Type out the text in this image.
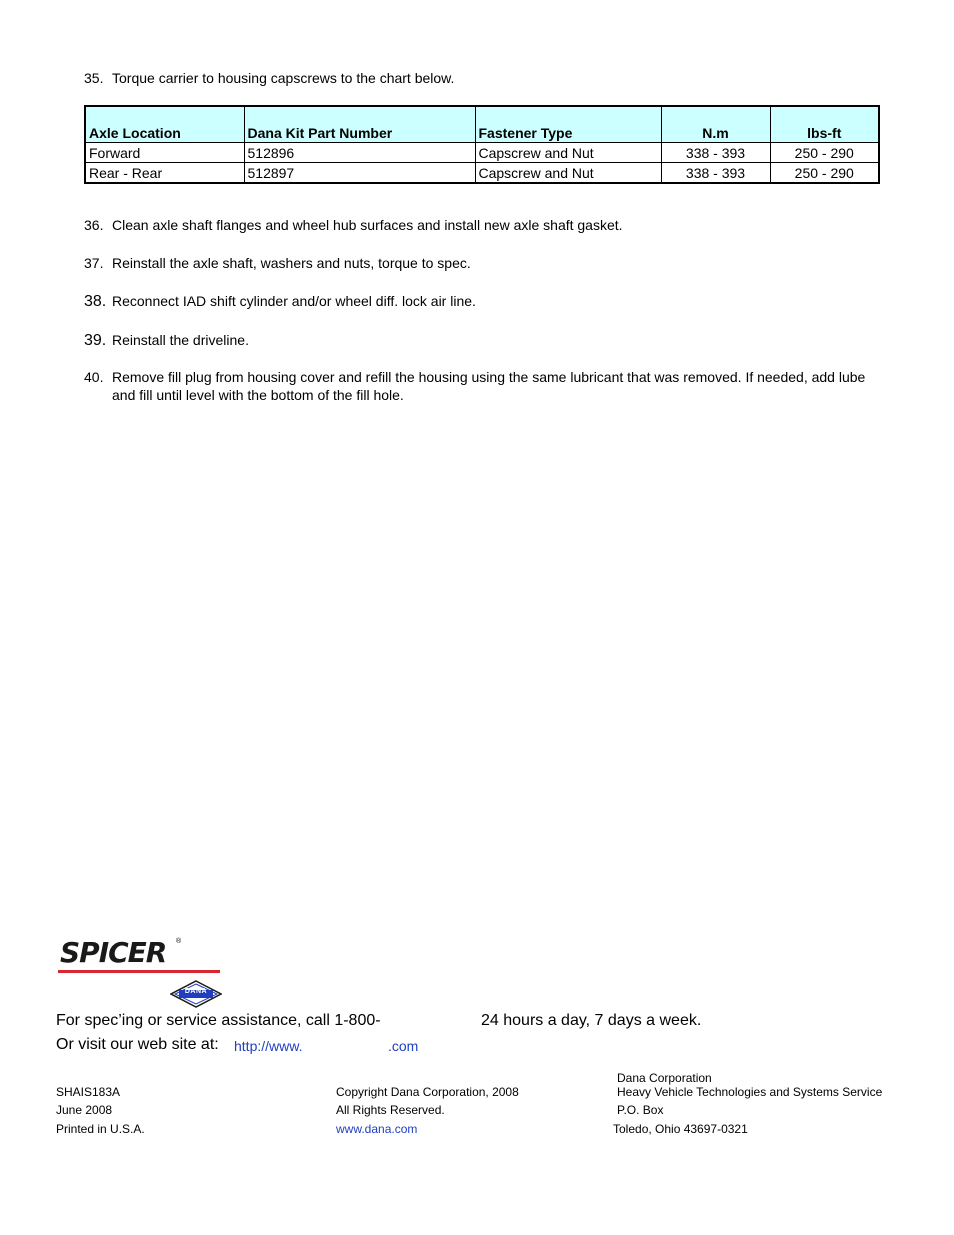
35. Torque carrier to housing capscrews to the chart below.
Axle Location	Dana Kit Part Number	Fastener Type	N.m	lbs-ft
Forward	512896	Capscrew and Nut	338 - 393	250 - 290
Rear - Rear	512897	Capscrew and Nut	338 - 393	250 - 290
36. Clean axle shaft flanges and wheel hub surfaces and install new axle shaft gasket.
37. Reinstall the axle shaft, washers and nuts, torque to spec.
38. Reconnect IAD shift cylinder and/or wheel diff. lock air line.
39. Reinstall the driveline.
40. Remove fill plug from housing cover and refill the housing using the same lubricant that was removed. If needed, add lube and fill until level with the bottom of the fill hole.
SPICER ®
DANA
For spec’ing or service assistance, call 1-800-	24 hours a day, 7 days a week.
Or visit our web site at: http://www.	.com
SHAIS183A
June 2008
Printed in U.S.A.
Copyright Dana Corporation, 2008
All Rights Reserved.
www.dana.com
Dana Corporation
Heavy Vehicle Technologies and Systems Service
P.O. Box
Toledo, Ohio 43697-0321
